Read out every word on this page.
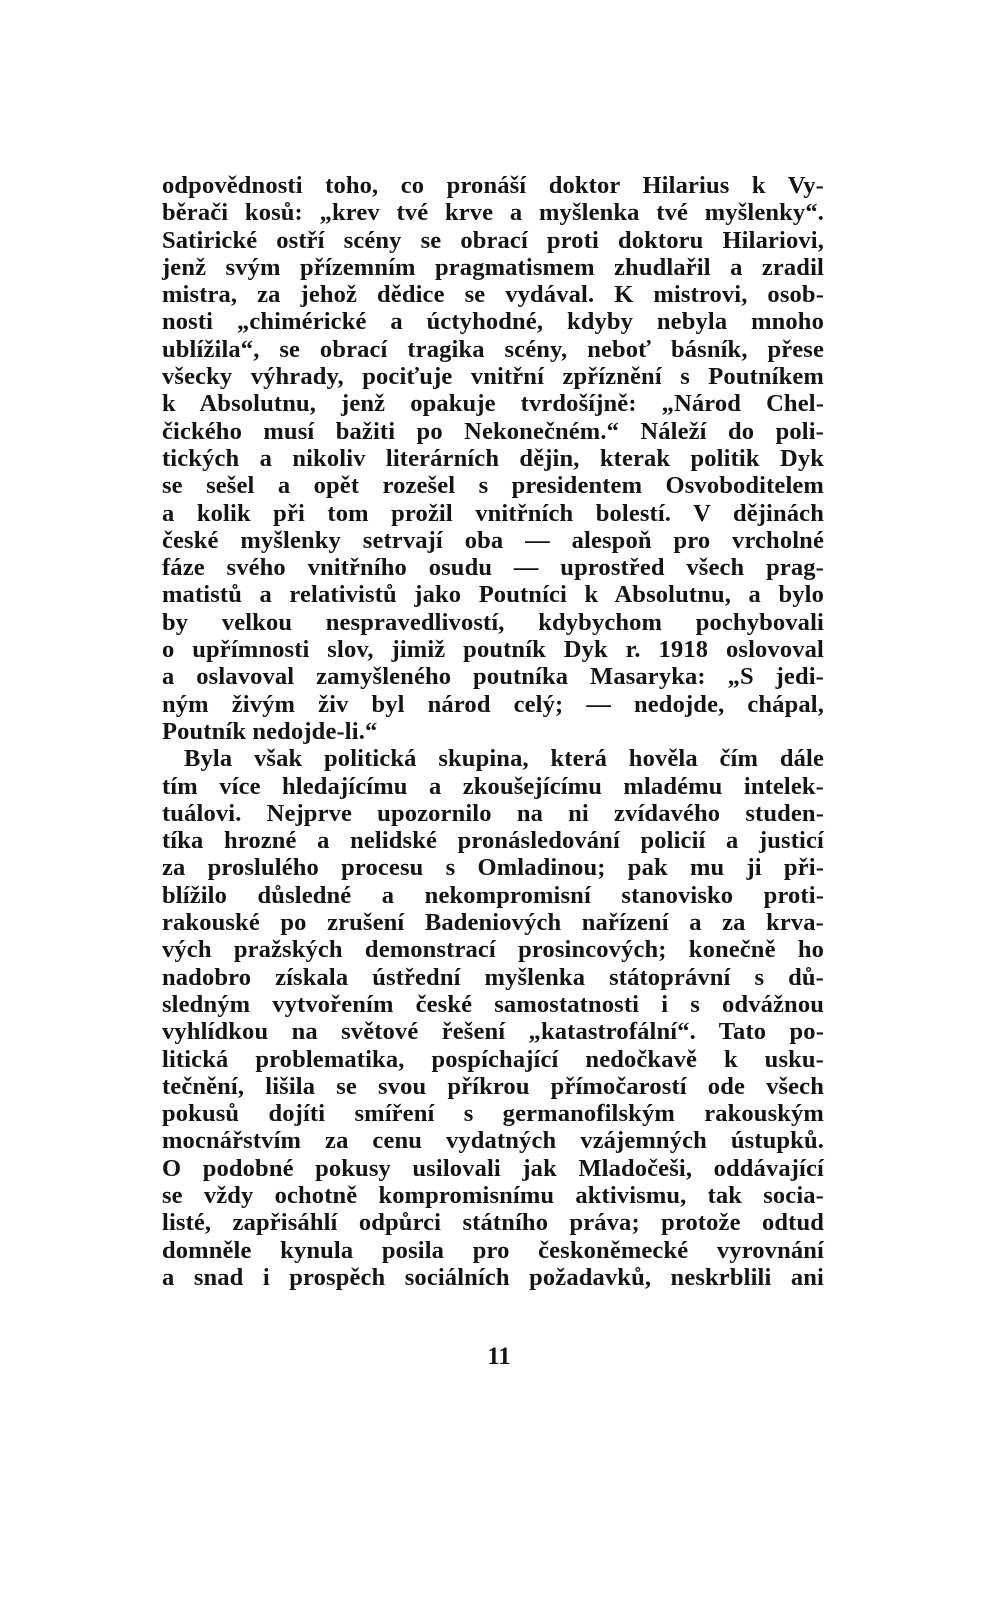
odpovědnosti toho, co pronáší doktor Hilarius k Vy-
běrači kosů: „krev tvé krve a myšlenka tvé myšlenky“.
Satirické ostří scény se obrací proti doktoru Hilariovi,
jenž svým přízemním pragmatismem zhudlařil a zradil
mistra, za jehož dědice se vydával. K mistrovi, osob-
nosti „chimérické a úctyhodné, kdyby nebyla mnoho
ublížila“, se obrací tragika scény, neboť básník, přese
všecky výhrady, pociťuje vnitřní zpříznění s Poutníkem
k Absolutnu, jenž opakuje tvrdošíjně: „Národ Chel-
čického musí bažiti po Nekonečném.“ Náleží do poli-
tických a nikoliv literárních dějin, kterak politik Dyk
se sešel a opět rozešel s presidentem Osvoboditelem
a kolik při tom prožil vnitřních bolestí. V dějinách
české myšlenky setrvají oba — alespoň pro vrcholné
fáze svého vnitřního osudu — uprostřed všech prag-
matistů a relativistů jako Poutníci k Absolutnu, a bylo
by velkou nespravedlivostí, kdybychom pochybovali
o upřímnosti slov, jimiž poutník Dyk r. 1918 oslovoval
a oslavoval zamyšleného poutníka Masaryka: „S jedi-
ným živým živ byl národ celý; — nedojde, chápal,
Poutník nedojde-li.“
Byla však politická skupina, která hověla čím dále
tím více hledajícímu a zkoušejícímu mladému intelek-
tuálovi. Nejprve upozornilo na ni zvídavého studen-
tíka hrozné a nelidské pronásledování policií a justicí
za proslulého procesu s Omladinou; pak mu ji při-
blížilo důsledné a nekompromisní stanovisko proti-
rakouské po zrušení Badeniových nařízení a za krva-
vých pražských demonstrací prosincových; konečně ho
nadobro získala ústřední myšlenka státoprávní s dů-
sledným vytvořením české samostatnosti i s odvážnou
vyhlídkou na světové řešení „katastrofální“. Tato po-
litická problematika, pospíchající nedočkavě k usku-
tečnění, lišila se svou příkrou přímočarostí ode všech
pokusů dojíti smíření s germanofilským rakouským
mocnářstvím za cenu vydatných vzájemných ústupků.
O podobné pokusy usilovali jak Mladočeši, oddávající
se vždy ochotně kompromisnímu aktivismu, tak socia-
listé, zapřisáhlí odpůrci státního práva; protože odtud
domněle kynula posila pro českoněmecké vyrovnání
a snad i prospěch sociálních požadavků, neskrblili ani
11
